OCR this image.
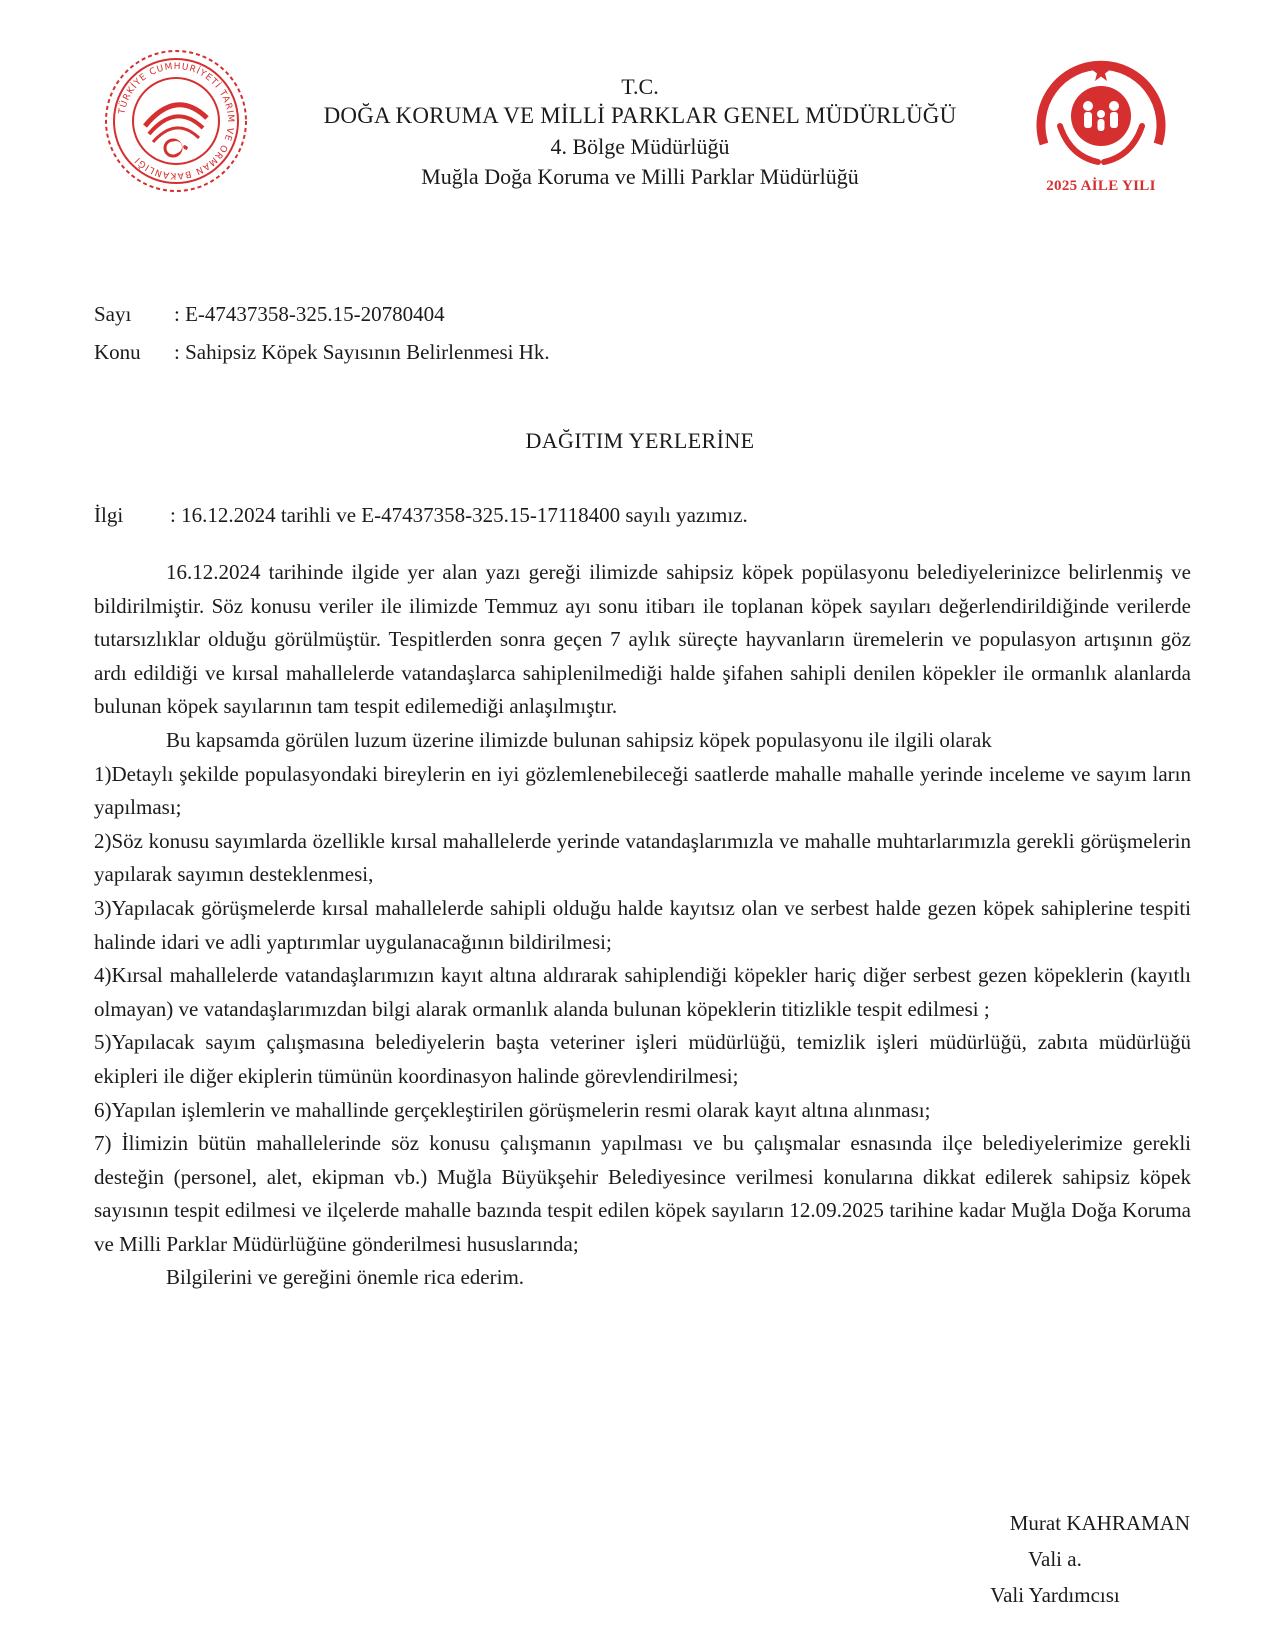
TÜRKİYE CUMHURİYETİ TARIM VE ORMAN BAKANLIĞI
T.C.
DOĞA KORUMA VE MİLLİ PARKLAR GENEL MÜDÜRLÜĞÜ
4. Bölge Müdürlüğü
Muğla Doğa Koruma ve Milli Parklar Müdürlüğü	2025 AİLE YILI
Sayı : E-47437358-325.15-20780404
Konu : Sahipsiz Köpek Sayısının Belirlenmesi Hk.
DAĞITIM YERLERİNE
İlgi : 16.12.2024 tarihli ve E-47437358-325.15-17118400 sayılı yazımız.

16.12.2024 tarihinde ilgide yer alan yazı gereği ilimizde sahipsiz köpek popülasyonu belediyelerinizce belirlenmiş ve bildirilmiştir. Söz konusu veriler ile ilimizde Temmuz ayı sonu itibarı ile toplanan köpek sayıları değerlendirildiğinde verilerde tutarsızlıklar olduğu görülmüştür. Tespitlerden sonra geçen 7 aylık süreçte hayvanların üremelerin ve populasyon artışının göz ardı edildiği ve kırsal mahallelerde vatandaşlarca sahiplenilmediği halde şifahen sahipli denilen köpekler ile ormanlık alanlarda bulunan köpek sayılarının tam tespit edilemediği anlaşılmıştır.

Bu kapsamda görülen luzum üzerine ilimizde bulunan sahipsiz köpek populasyonu ile ilgili olarak

1)Detaylı şekilde populasyondaki bireylerin en iyi gözlemlenebileceği saatlerde mahalle mahalle yerinde inceleme ve sayım ların yapılması;

2)Söz konusu sayımlarda özellikle kırsal mahallelerde yerinde vatandaşlarımızla ve mahalle muhtarlarımızla gerekli görüşmelerin yapılarak sayımın desteklenmesi,

3)Yapılacak görüşmelerde kırsal mahallelerde sahipli olduğu halde kayıtsız olan ve serbest halde gezen köpek sahiplerine tespiti halinde idari ve adli yaptırımlar uygulanacağının bildirilmesi;

4)Kırsal mahallelerde vatandaşlarımızın kayıt altına aldırarak sahiplendiği köpekler hariç diğer serbest gezen köpeklerin (kayıtlı olmayan) ve vatandaşlarımızdan bilgi alarak ormanlık alanda bulunan köpeklerin titizlikle tespit edilmesi ;

5)Yapılacak sayım çalışmasına belediyelerin başta veteriner işleri müdürlüğü, temizlik işleri müdürlüğü, zabıta müdürlüğü ekipleri ile diğer ekiplerin tümünün koordinasyon halinde görevlendirilmesi;

6)Yapılan işlemlerin ve mahallinde gerçekleştirilen görüşmelerin resmi olarak kayıt altına alınması;

7) İlimizin bütün mahallelerinde söz konusu çalışmanın yapılması ve bu çalışmalar esnasında ilçe belediyelerimize gerekli desteğin (personel, alet, ekipman vb.) Muğla Büyükşehir Belediyesince verilmesi konularına dikkat edilerek sahipsiz köpek sayısının tespit edilmesi ve ilçelerde mahalle bazında tespit edilen köpek sayıların 12.09.2025 tarihine kadar Muğla Doğa Koruma ve Milli Parklar Müdürlüğüne gönderilmesi hususlarında;

Bilgilerini ve gereğini önemle rica ederim.

Murat KAHRAMAN
Vali a.
Vali Yardımcısı
